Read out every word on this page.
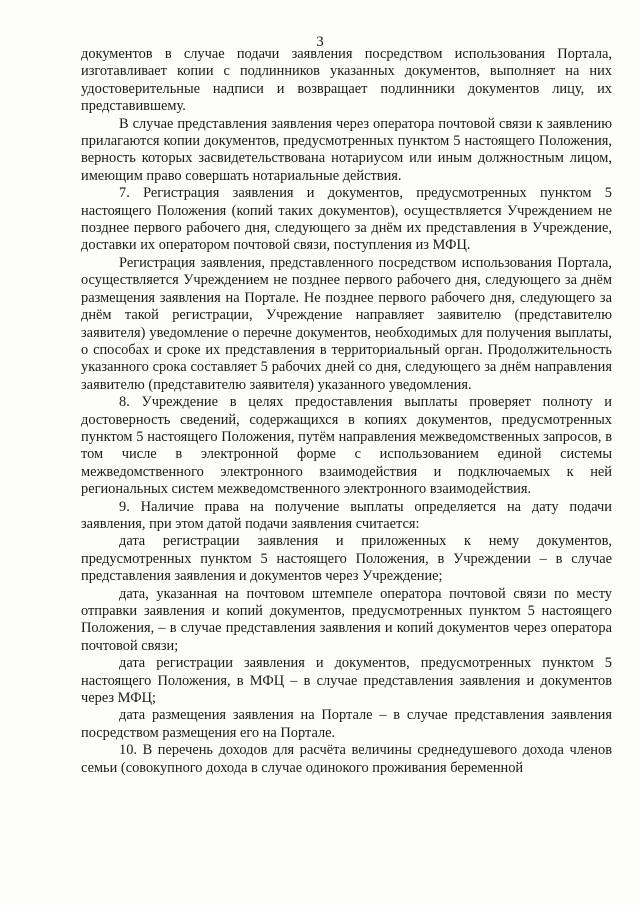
3

документов в случае подачи заявления посредством использования Портала, изготавливает копии с подлинников указанных документов, выполняет на них удостоверительные надписи и возвращает подлинники документов лицу, их представившему.

В случае представления заявления через оператора почтовой связи к заявлению прилагаются копии документов, предусмотренных пунктом 5 настоящего Положения, верность которых засвидетельствована нотариусом или иным должностным лицом, имеющим право совершать нотариальные действия.

7. Регистрация заявления и документов, предусмотренных пунктом 5 настоящего Положения (копий таких документов), осуществляется Учреждением не позднее первого рабочего дня, следующего за днём их представления в Учреждение, доставки их оператором почтовой связи, поступления из МФЦ.

Регистрация заявления, представленного посредством использования Портала, осуществляется Учреждением не позднее первого рабочего дня, следующего за днём размещения заявления на Портале. Не позднее первого рабочего дня, следующего за днём такой регистрации, Учреждение направляет заявителю (представителю заявителя) уведомление о перечне документов, необходимых для получения выплаты, о способах и сроке их представления в территориальный орган. Продолжительность указанного срока составляет 5 рабочих дней со дня, следующего за днём направления заявителю (представителю заявителя) указанного уведомления.

8. Учреждение в целях предоставления выплаты проверяет полноту и достоверность сведений, содержащихся в копиях документов, предусмотренных пунктом 5 настоящего Положения, путём направления межведомственных запросов, в том числе в электронной форме с использованием единой системы межведомственного электронного взаимодействия и подключаемых к ней региональных систем межведомственного электронного взаимодействия.

9. Наличие права на получение выплаты определяется на дату подачи заявления, при этом датой подачи заявления считается:

дата регистрации заявления и приложенных к нему документов, предусмотренных пунктом 5 настоящего Положения, в Учреждении – в случае представления заявления и документов через Учреждение;

дата, указанная на почтовом штемпеле оператора почтовой связи по месту отправки заявления и копий документов, предусмотренных пунктом 5 настоящего Положения, – в случае представления заявления и копий документов через оператора почтовой связи;

дата регистрации заявления и документов, предусмотренных пунктом 5 настоящего Положения, в МФЦ – в случае представления заявления и документов через МФЦ;

дата размещения заявления на Портале – в случае представления заявления посредством размещения его на Портале.

10. В перечень доходов для расчёта величины среднедушевого дохода членов семьи (совокупного дохода в случае одинокого проживания беременной
